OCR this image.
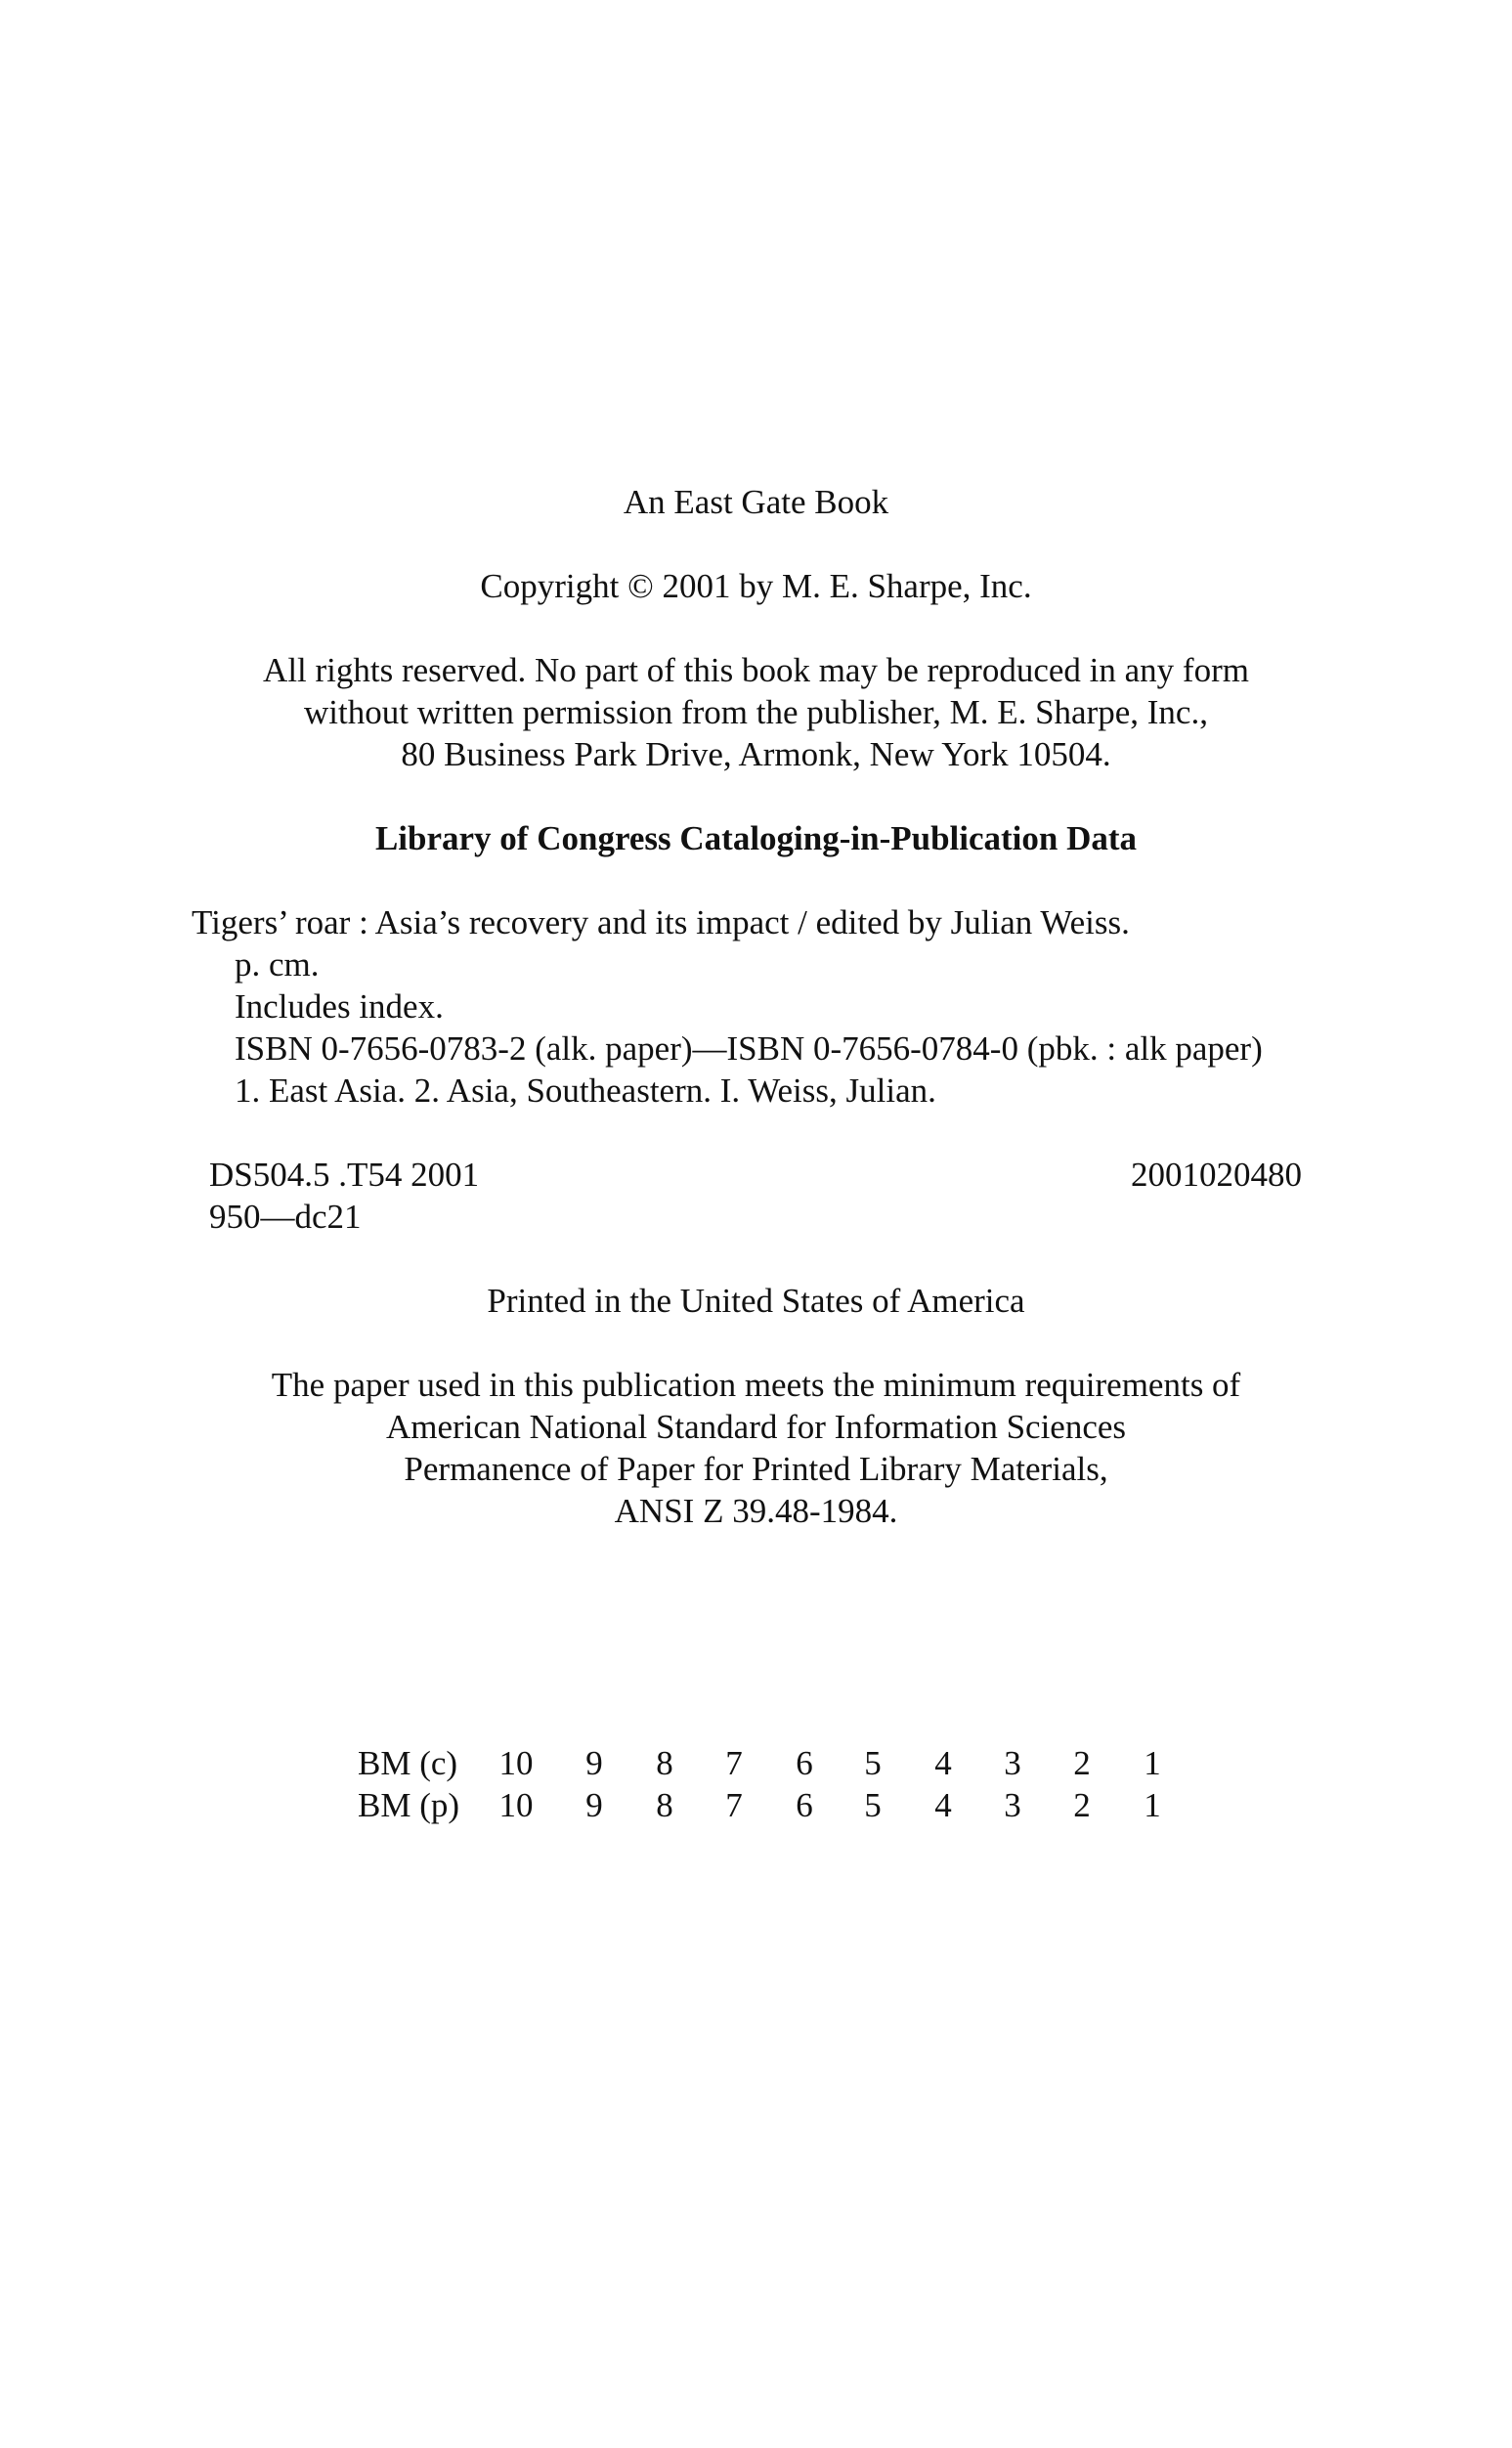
An East Gate Book
Copyright © 2001 by M. E. Sharpe, Inc.
All rights reserved. No part of this book may be reproduced in any form
without written permission from the publisher, M. E. Sharpe, Inc.,
80 Business Park Drive, Armonk, New York 10504.
Library of Congress Cataloging-in-Publication Data
Tigers’ roar : Asia’s recovery and its impact / edited by Julian Weiss.
p. cm.
Includes index.
ISBN 0-7656-0783-2 (alk. paper)—ISBN 0-7656-0784-0 (pbk. : alk paper)
1. East Asia. 2. Asia, Southeastern. I. Weiss, Julian.
DS504.5 .T54 2001	2001020480
950—dc21
Printed in the United States of America
The paper used in this publication meets the minimum requirements of
American National Standard for Information Sciences
Permanence of Paper for Printed Library Materials,
ANSI Z 39.48-1984.
BM (c)	10	9	8	7	6	5	4	3	2	1
BM (p)	10	9	8	7	6	5	4	3	2	1
